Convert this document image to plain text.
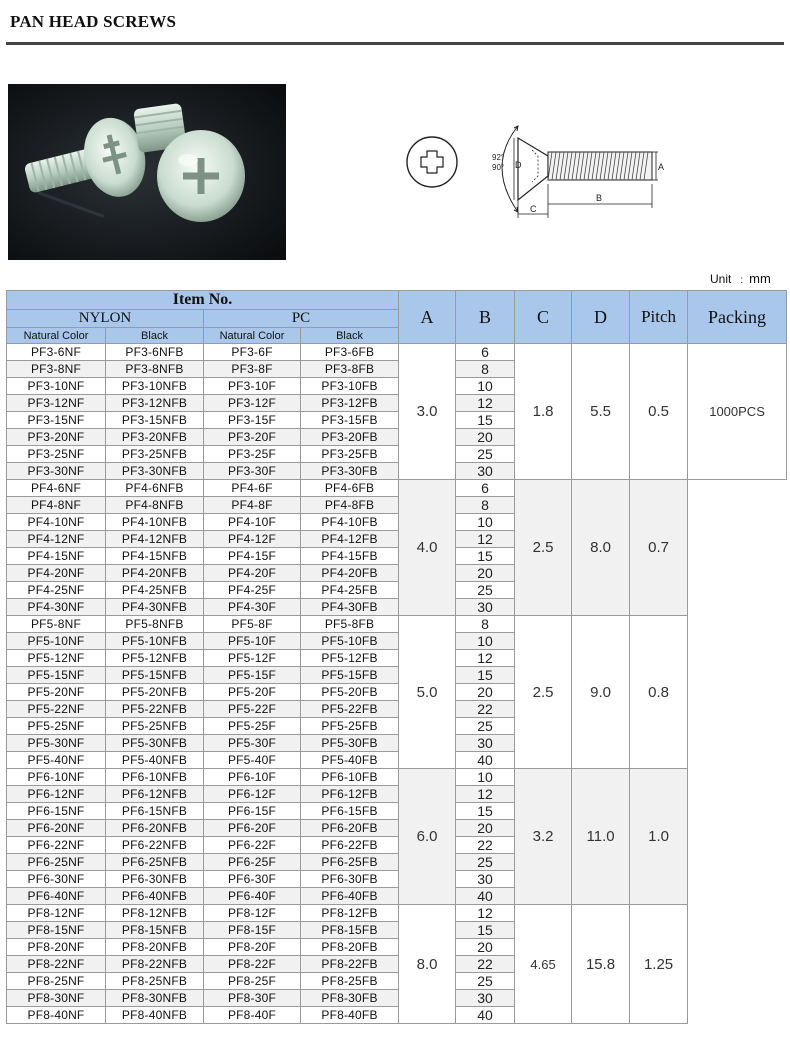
PAN HEAD SCREWS
92°
90° D	A
B
C
Unit : mm
Item No.				A	B	C	D	Pitch	Packing
NYLON		PC							
Natural Color	Black	Natural Color	Black						
PF3-6NF	PF3-6NFB	PF3-6F	PF3-6FB	3.0	6	1.8	5.5	0.5	1000PCS
PF3-8NF	PF3-8NFB	PF3-8F	PF3-8FB		8				
PF3-10NF	PF3-10NFB	PF3-10F	PF3-10FB		10				
PF3-12NF	PF3-12NFB	PF3-12F	PF3-12FB		12				
PF3-15NF	PF3-15NFB	PF3-15F	PF3-15FB		15				
PF3-20NF	PF3-20NFB	PF3-20F	PF3-20FB		20				
PF3-25NF	PF3-25NFB	PF3-25F	PF3-25FB		25				
PF3-30NF	PF3-30NFB	PF3-30F	PF3-30FB		30				
PF4-6NF	PF4-6NFB	PF4-6F	PF4-6FB	4.0	6	2.5	8.0	0.7	
PF4-8NF	PF4-8NFB	PF4-8F	PF4-8FB		8				
PF4-10NF	PF4-10NFB	PF4-10F	PF4-10FB		10				
PF4-12NF	PF4-12NFB	PF4-12F	PF4-12FB		12				
PF4-15NF	PF4-15NFB	PF4-15F	PF4-15FB		15				
PF4-20NF	PF4-20NFB	PF4-20F	PF4-20FB		20				
PF4-25NF	PF4-25NFB	PF4-25F	PF4-25FB		25				
PF4-30NF	PF4-30NFB	PF4-30F	PF4-30FB		30				
PF5-8NF	PF5-8NFB	PF5-8F	PF5-8FB	5.0	8	2.5	9.0	0.8	
PF5-10NF	PF5-10NFB	PF5-10F	PF5-10FB		10				
PF5-12NF	PF5-12NFB	PF5-12F	PF5-12FB		12				
PF5-15NF	PF5-15NFB	PF5-15F	PF5-15FB		15				
PF5-20NF	PF5-20NFB	PF5-20F	PF5-20FB		20				
PF5-22NF	PF5-22NFB	PF5-22F	PF5-22FB		22				
PF5-25NF	PF5-25NFB	PF5-25F	PF5-25FB		25				
PF5-30NF	PF5-30NFB	PF5-30F	PF5-30FB		30				
PF5-40NF	PF5-40NFB	PF5-40F	PF5-40FB		40				
PF6-10NF	PF6-10NFB	PF6-10F	PF6-10FB	6.0	10	3.2	11.0	1.0	
PF6-12NF	PF6-12NFB	PF6-12F	PF6-12FB		12				
PF6-15NF	PF6-15NFB	PF6-15F	PF6-15FB		15				
PF6-20NF	PF6-20NFB	PF6-20F	PF6-20FB		20				
PF6-22NF	PF6-22NFB	PF6-22F	PF6-22FB		22				
PF6-25NF	PF6-25NFB	PF6-25F	PF6-25FB		25				
PF6-30NF	PF6-30NFB	PF6-30F	PF6-30FB		30				
PF6-40NF	PF6-40NFB	PF6-40F	PF6-40FB		40				
PF8-12NF	PF8-12NFB	PF8-12F	PF8-12FB	8.0	12	4.65	15.8	1.25	
PF8-15NF	PF8-15NFB	PF8-15F	PF8-15FB		15				
PF8-20NF	PF8-20NFB	PF8-20F	PF8-20FB		20				
PF8-22NF	PF8-22NFB	PF8-22F	PF8-22FB		22				
PF8-25NF	PF8-25NFB	PF8-25F	PF8-25FB		25				
PF8-30NF	PF8-30NFB	PF8-30F	PF8-30FB		30				
PF8-40NF	PF8-40NFB	PF8-40F	PF8-40FB		40				
